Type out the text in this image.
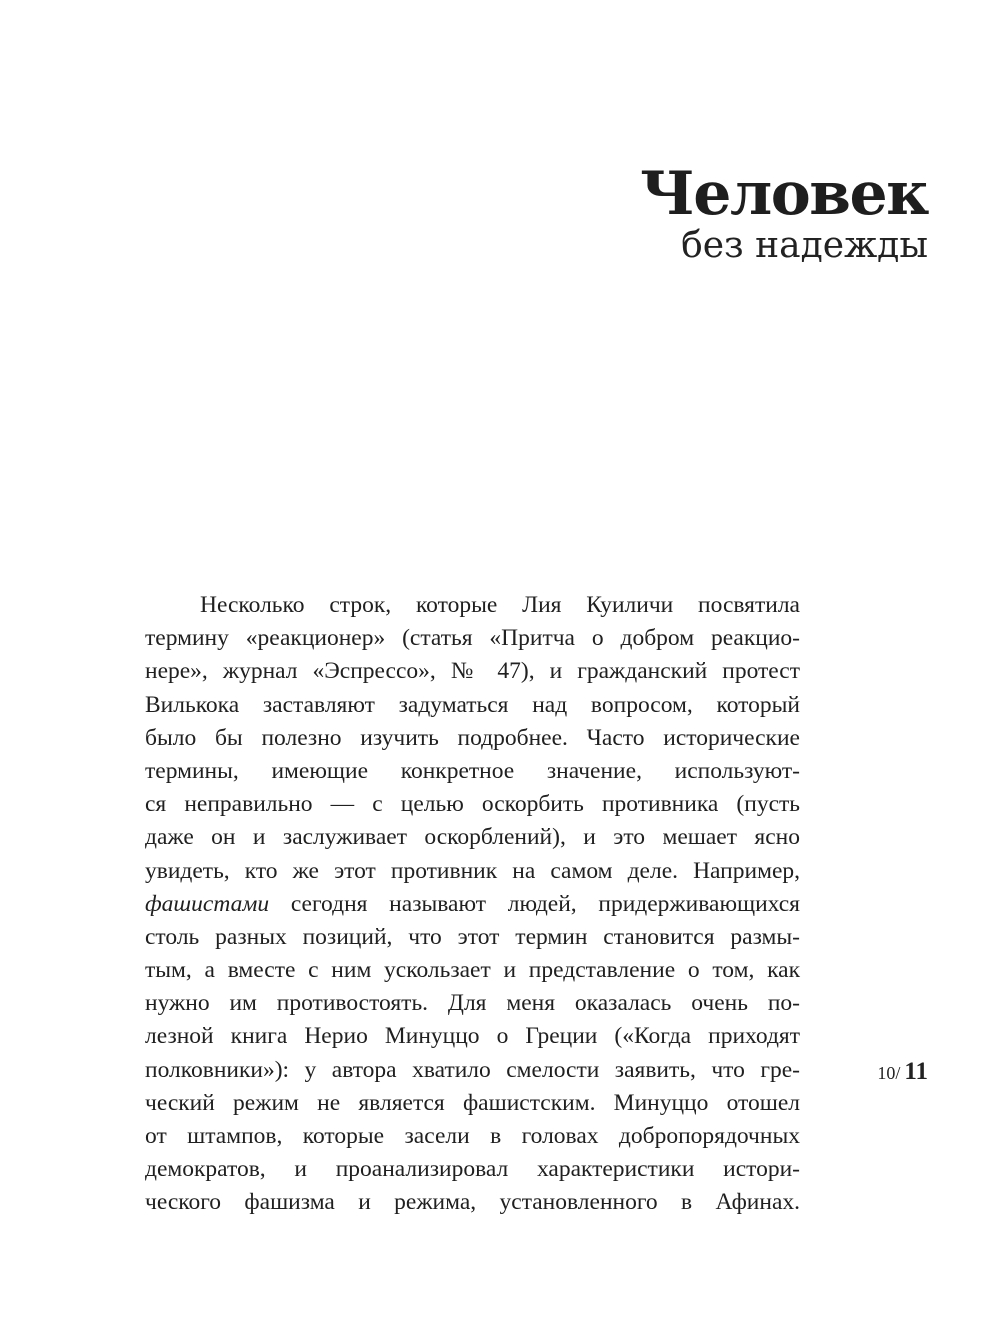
Человек
без надежды
Несколько строк, которые Лия Куиличи посвятила
термину «реакционер» (статья «Притча о добром реакцио-
нере», журнал «Эспрессо», № 47), и гражданский протест
Вилькока заставляют задуматься над вопросом, который
было бы полезно изучить подробнее. Часто исторические
термины, имеющие конкретное значение, используют-
ся неправильно — с целью оскорбить противника (пусть
даже он и заслуживает оскорблений), и это мешает ясно
увидеть, кто же этот противник на самом деле. Например,
фашистами сегодня называют людей, придерживающихся
столь разных позиций, что этот термин становится размы-
тым, а вместе с ним ускользает и представление о том, как
нужно им противостоять. Для меня оказалась очень по-
лезной книга Нерио Минуццо о Греции («Когда приходят
полковники»): у автора хватило смелости заявить, что гре-
ческий режим не является фашистским. Минуццо отошел
от штампов, которые засели в головах добропорядочных
демократов, и проанализировал характеристики истори-
ческого фашизма и режима, установленного в Афинах.
10/ 11
